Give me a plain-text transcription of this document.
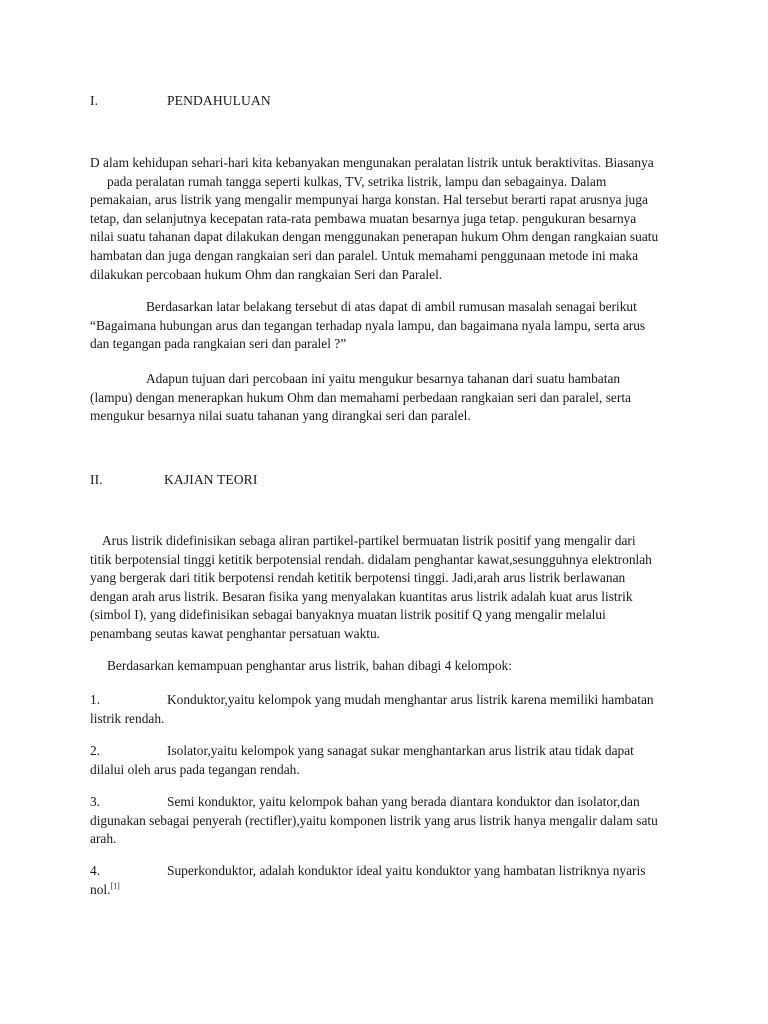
I.	PENDAHULUAN
D alam kehidupan sehari-hari kita kebanyakan mengunakan peralatan listrik untuk beraktivitas. Biasanya
pada peralatan rumah tangga seperti kulkas, TV, setrika listrik, lampu dan sebagainya. Dalam
pemakaian, arus listrik yang mengalir mempunyai harga konstan. Hal tersebut berarti rapat arusnya juga
tetap, dan selanjutnya kecepatan rata-rata pembawa muatan besarnya juga tetap. pengukuran besarnya
nilai suatu tahanan dapat dilakukan dengan menggunakan penerapan hukum Ohm dengan rangkaian suatu
hambatan dan juga dengan rangkaian seri dan paralel. Untuk memahami penggunaan metode ini maka
dilakukan percobaan hukum Ohm dan rangkaian Seri dan Paralel.
Berdasarkan latar belakang tersebut di atas dapat di ambil rumusan masalah senagai berikut
“Bagaimana hubungan arus dan tegangan terhadap nyala lampu, dan bagaimana nyala lampu, serta arus
dan tegangan pada rangkaian seri dan paralel ?”
Adapun tujuan dari percobaan ini yaitu mengukur besarnya tahanan dari suatu hambatan
(lampu) dengan menerapkan hukum Ohm dan memahami perbedaan rangkaian seri dan paralel, serta
mengukur besarnya nilai suatu tahanan yang dirangkai seri dan paralel.
II.	KAJIAN TEORI
Arus listrik didefinisikan sebaga aliran partikel-partikel bermuatan listrik positif yang mengalir dari
titik berpotensial tinggi ketitik berpotensial rendah. didalam penghantar kawat,sesungguhnya elektronlah
yang bergerak dari titik berpotensi rendah ketitik berpotensi tinggi. Jadi,arah arus listrik berlawanan
dengan arah arus listrik. Besaran fisika yang menyalakan kuantitas arus listrik adalah kuat arus listrik
(simbol I), yang didefinisikan sebagai banyaknya muatan listrik positif Q yang mengalir melalui
penambang seutas kawat penghantar persatuan waktu.
Berdasarkan kemampuan penghantar arus listrik, bahan dibagi 4 kelompok:
1.	Konduktor,yaitu kelompok yang mudah menghantar arus listrik karena memiliki hambatan
listrik rendah.
2.	Isolator,yaitu kelompok yang sanagat sukar menghantarkan arus listrik atau tidak dapat
dilalui oleh arus pada tegangan rendah.
3.	Semi konduktor, yaitu kelompok bahan yang berada diantara konduktor dan isolator,dan
digunakan sebagai penyerah (rectifler),yaitu komponen listrik yang arus listrik hanya mengalir dalam satu
arah.
4.	Superkonduktor, adalah konduktor ideal yaitu konduktor yang hambatan listriknya nyaris
nol.[1]
